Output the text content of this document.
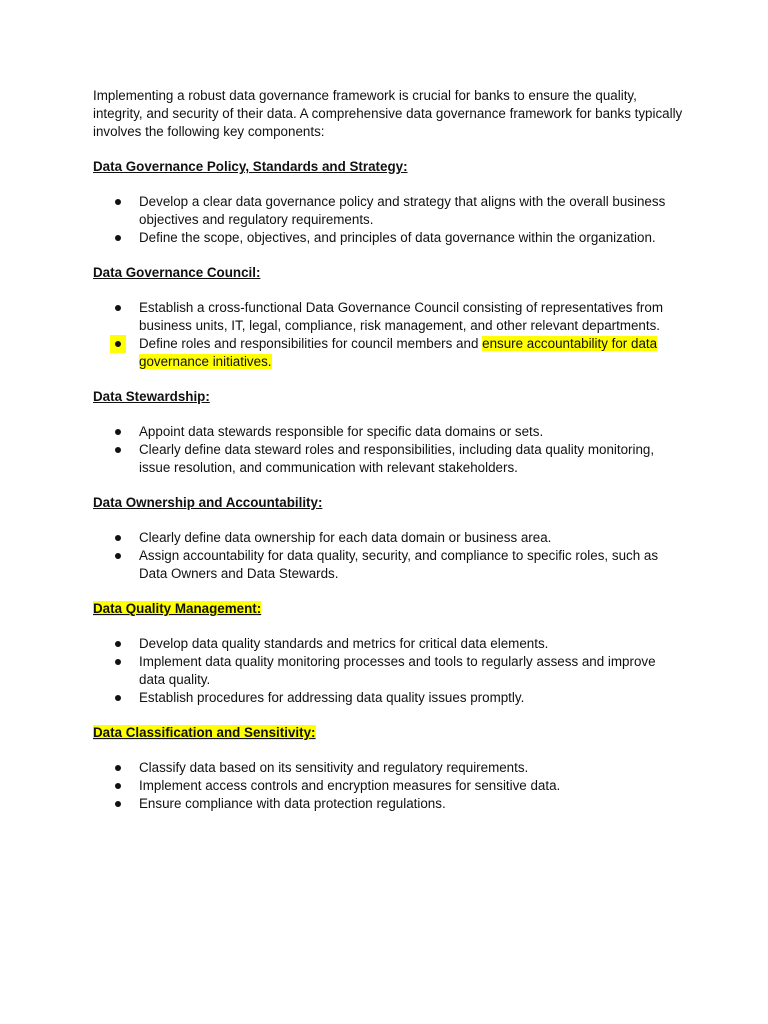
Implementing a robust data governance framework is crucial for banks to ensure the quality, integrity, and security of their data. A comprehensive data governance framework for banks typically involves the following key components:

Data Governance Policy, Standards and Strategy:

Develop a clear data governance policy and strategy that aligns with the overall business objectives and regulatory requirements.
Define the scope, objectives, and principles of data governance within the organization.

Data Governance Council:

Establish a cross-functional Data Governance Council consisting of representatives from business units, IT, legal, compliance, risk management, and other relevant departments.
Define roles and responsibilities for council members and ensure accountability for data governance initiatives.

Data Stewardship:

Appoint data stewards responsible for specific data domains or sets.
Clearly define data steward roles and responsibilities, including data quality monitoring, issue resolution, and communication with relevant stakeholders.

Data Ownership and Accountability:

Clearly define data ownership for each data domain or business area.
Assign accountability for data quality, security, and compliance to specific roles, such as Data Owners and Data Stewards.

Data Quality Management:

Develop data quality standards and metrics for critical data elements.
Implement data quality monitoring processes and tools to regularly assess and improve data quality.
Establish procedures for addressing data quality issues promptly.

Data Classification and Sensitivity:

Classify data based on its sensitivity and regulatory requirements.
Implement access controls and encryption measures for sensitive data.
Ensure compliance with data protection regulations.
